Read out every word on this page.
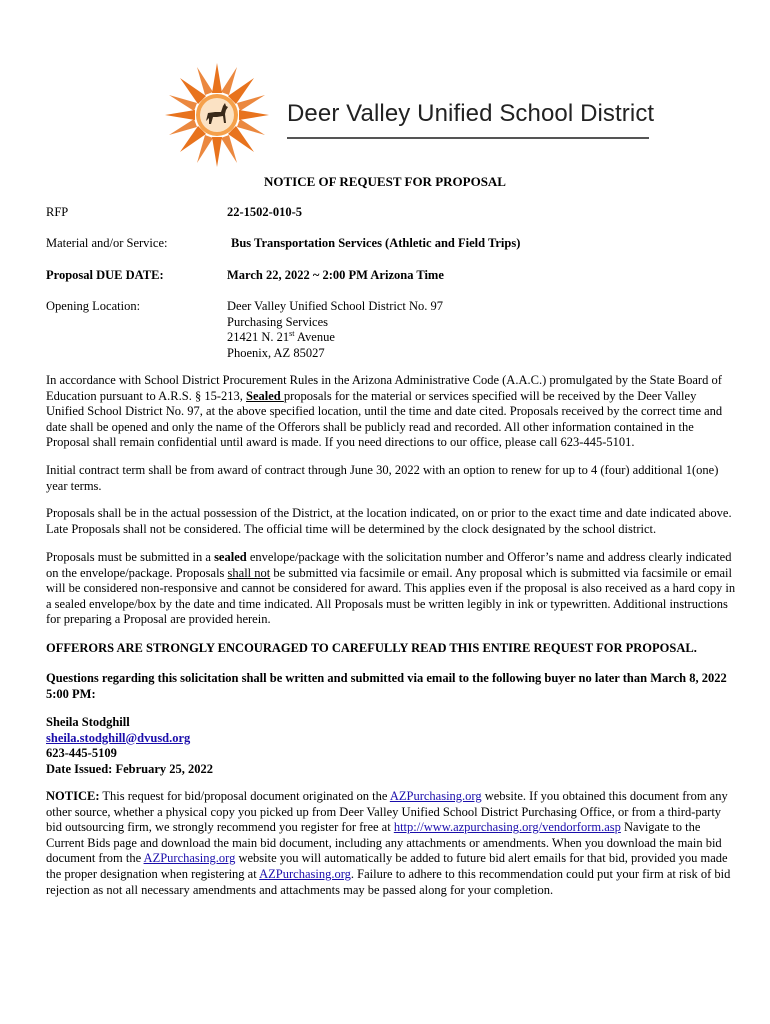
Deer Valley Unified School District
NOTICE OF REQUEST FOR PROPOSAL
RFP	22-1502-010-5
Material and/or Service:	Bus Transportation Services (Athletic and Field Trips)
Proposal DUE DATE:	March 22, 2022 ~ 2:00 PM Arizona Time
Opening Location:	Deer Valley Unified School District No. 97
Purchasing Services
21421 N. 21st Avenue
Phoenix, AZ 85027

In accordance with School District Procurement Rules in the Arizona Administrative Code (A.A.C.) promulgated by the State Board of Education pursuant to A.R.S. § 15-213, Sealed proposals for the material or services specified will be received by the Deer Valley Unified School District No. 97, at the above specified location, until the time and date cited. Proposals received by the correct time and date shall be opened and only the name of the Offerors shall be publicly read and recorded. All other information contained in the Proposal shall remain confidential until award is made. If you need directions to our office, please call 623-445-5101.

Initial contract term shall be from award of contract through June 30, 2022 with an option to renew for up to 4 (four) additional 1(one) year terms.

Proposals shall be in the actual possession of the District, at the location indicated, on or prior to the exact time and date indicated above. Late Proposals shall not be considered. The official time will be determined by the clock designated by the school district.

Proposals must be submitted in a sealed envelope/package with the solicitation number and Offeror’s name and address clearly indicated on the envelope/package. Proposals shall not be submitted via facsimile or email. Any proposal which is submitted via facsimile or email will be considered non-responsive and cannot be considered for award. This applies even if the proposal is also received as a hard copy in a sealed envelope/box by the date and time indicated. All Proposals must be written legibly in ink or typewritten. Additional instructions for preparing a Proposal are provided herein.

OFFERORS ARE STRONGLY ENCOURAGED TO CAREFULLY READ THIS ENTIRE REQUEST FOR PROPOSAL.
Questions regarding this solicitation shall be written and submitted via email to the following buyer no later than March 8, 2022 5:00 PM:
Sheila Stodghill
sheila.stodghill@dvusd.org
623-445-5109
Date Issued: February 25, 2022

NOTICE: This request for bid/proposal document originated on the AZPurchasing.org website. If you obtained this document from any other source, whether a physical copy you picked up from Deer Valley Unified School District Purchasing Office, or from a third-party bid outsourcing firm, we strongly recommend you register for free at http://www.azpurchasing.org/vendorform.asp Navigate to the Current Bids page and download the main bid document, including any attachments or amendments. When you download the main bid document from the AZPurchasing.org website you will automatically be added to future bid alert emails for that bid, provided you made the proper designation when registering at AZPurchasing.org. Failure to adhere to this recommendation could put your firm at risk of bid rejection as not all necessary amendments and attachments may be passed along for your completion.
